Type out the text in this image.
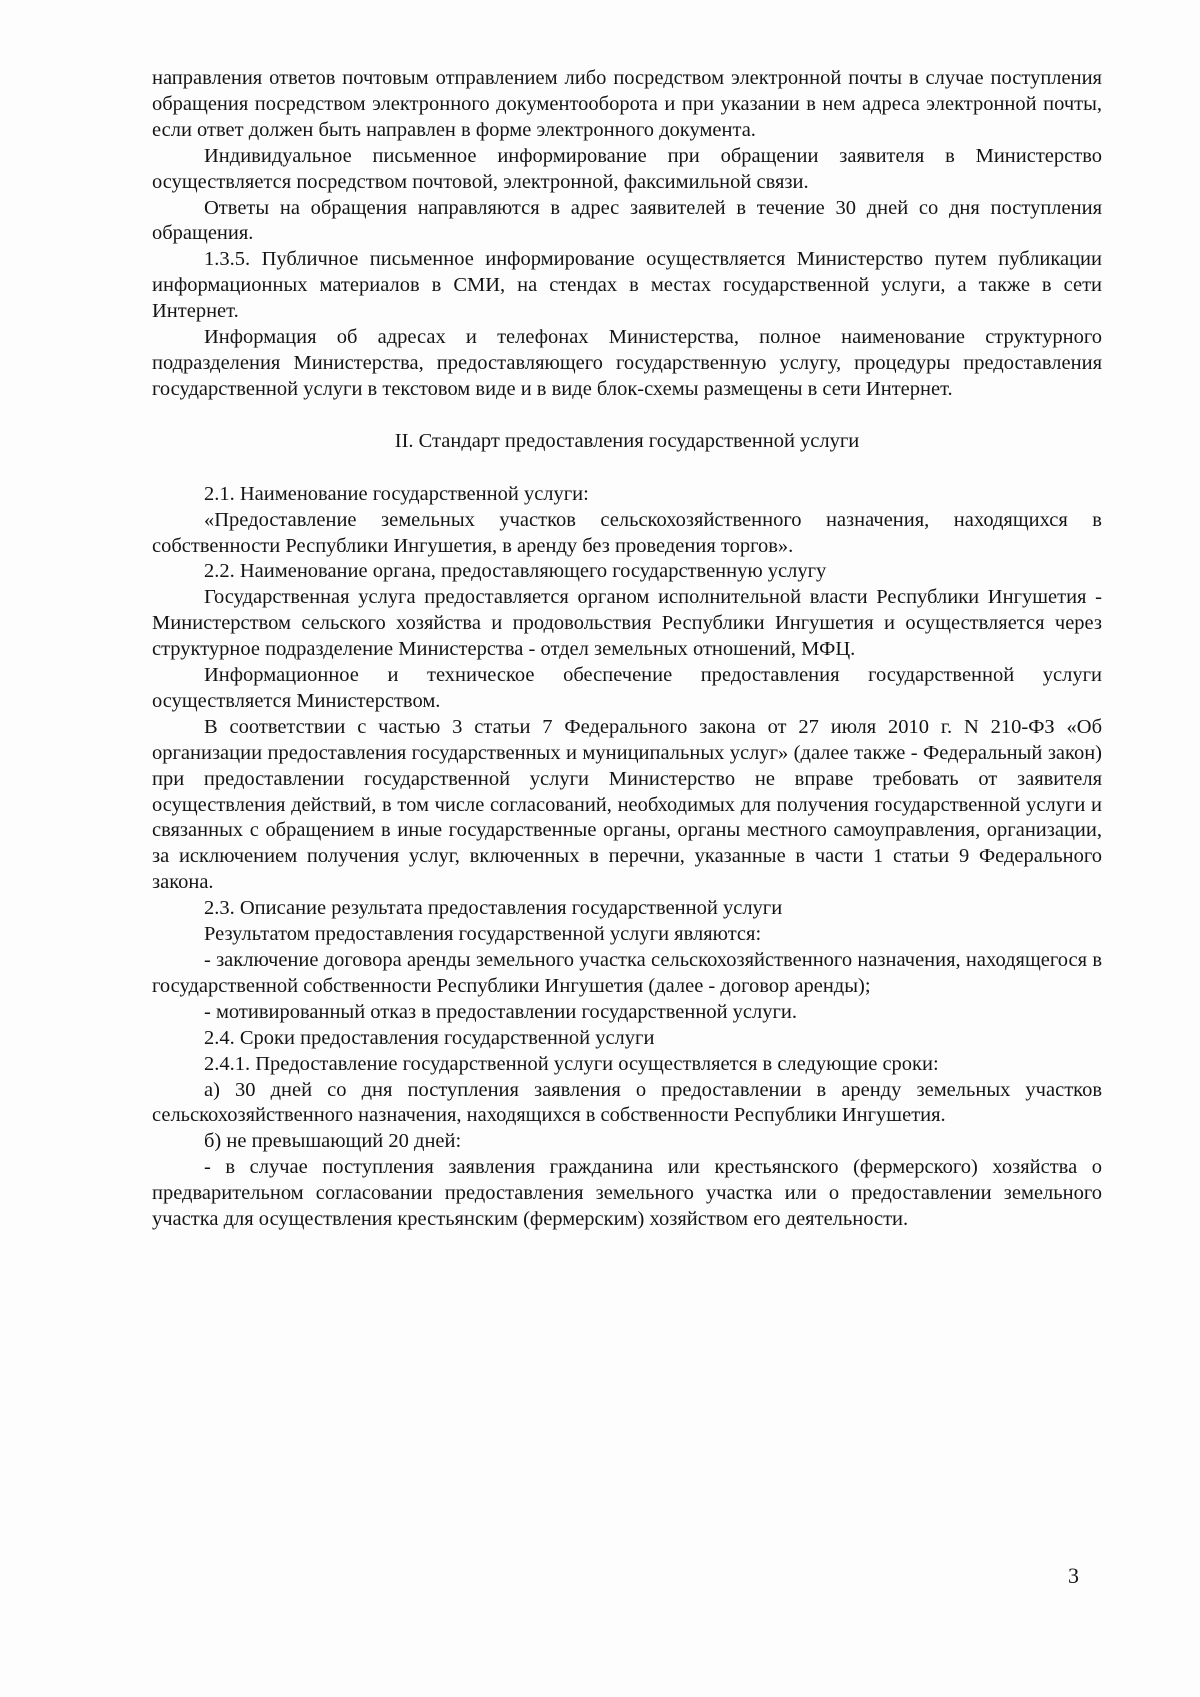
направления ответов почтовым отправлением либо посредством электронной почты в случае поступления обращения посредством электронного документооборота и при указании в нем адреса электронной почты, если ответ должен быть направлен в форме электронного документа.

Индивидуальное письменное информирование при обращении заявителя в Министерство осуществляется посредством почтовой, электронной, факсимильной связи.

Ответы на обращения направляются в адрес заявителей в течение 30 дней со дня поступления обращения.

1.3.5. Публичное письменное информирование осуществляется Министерство путем публикации информационных материалов в СМИ, на стендах в местах государственной услуги, а также в сети Интернет.

Информация об адресах и телефонах Министерства, полное наименование структурного подразделения Министерства, предоставляющего государственную услугу, процедуры предоставления государственной услуги в текстовом виде и в виде блок-схемы размещены в сети Интернет.

II. Стандарт предоставления государственной услуги

2.1. Наименование государственной услуги:

«Предоставление земельных участков сельскохозяйственного назначения, находящихся в собственности Республики Ингушетия, в аренду без проведения торгов».

2.2. Наименование органа, предоставляющего государственную услугу

Государственная услуга предоставляется органом исполнительной власти Республики Ингушетия - Министерством сельского хозяйства и продовольствия Республики Ингушетия и осуществляется через структурное подразделение Министерства - отдел земельных отношений, МФЦ.

Информационное и техническое обеспечение предоставления государственной услуги осуществляется Министерством.

В соответствии с частью 3 статьи 7 Федерального закона от 27 июля 2010 г. N 210-ФЗ «Об организации предоставления государственных и муниципальных услуг» (далее также - Федеральный закон) при предоставлении государственной услуги Министерство не вправе требовать от заявителя осуществления действий, в том числе согласований, необходимых для получения государственной услуги и связанных с обращением в иные государственные органы, органы местного самоуправления, организации, за исключением получения услуг, включенных в перечни, указанные в части 1 статьи 9 Федерального закона.

2.3. Описание результата предоставления государственной услуги

Результатом предоставления государственной услуги являются:

- заключение договора аренды земельного участка сельскохозяйственного назначения, находящегося в государственной собственности Республики Ингушетия (далее - договор аренды);

- мотивированный отказ в предоставлении государственной услуги.

2.4. Сроки предоставления государственной услуги

2.4.1. Предоставление государственной услуги осуществляется в следующие сроки:

а) 30 дней со дня поступления заявления о предоставлении в аренду земельных участков сельскохозяйственного назначения, находящихся в собственности Республики Ингушетия.

б) не превышающий 20 дней:

- в случае поступления заявления гражданина или крестьянского (фермерского) хозяйства о предварительном согласовании предоставления земельного участка или о предоставлении земельного участка для осуществления крестьянским (фермерским) хозяйством его деятельности.

3
